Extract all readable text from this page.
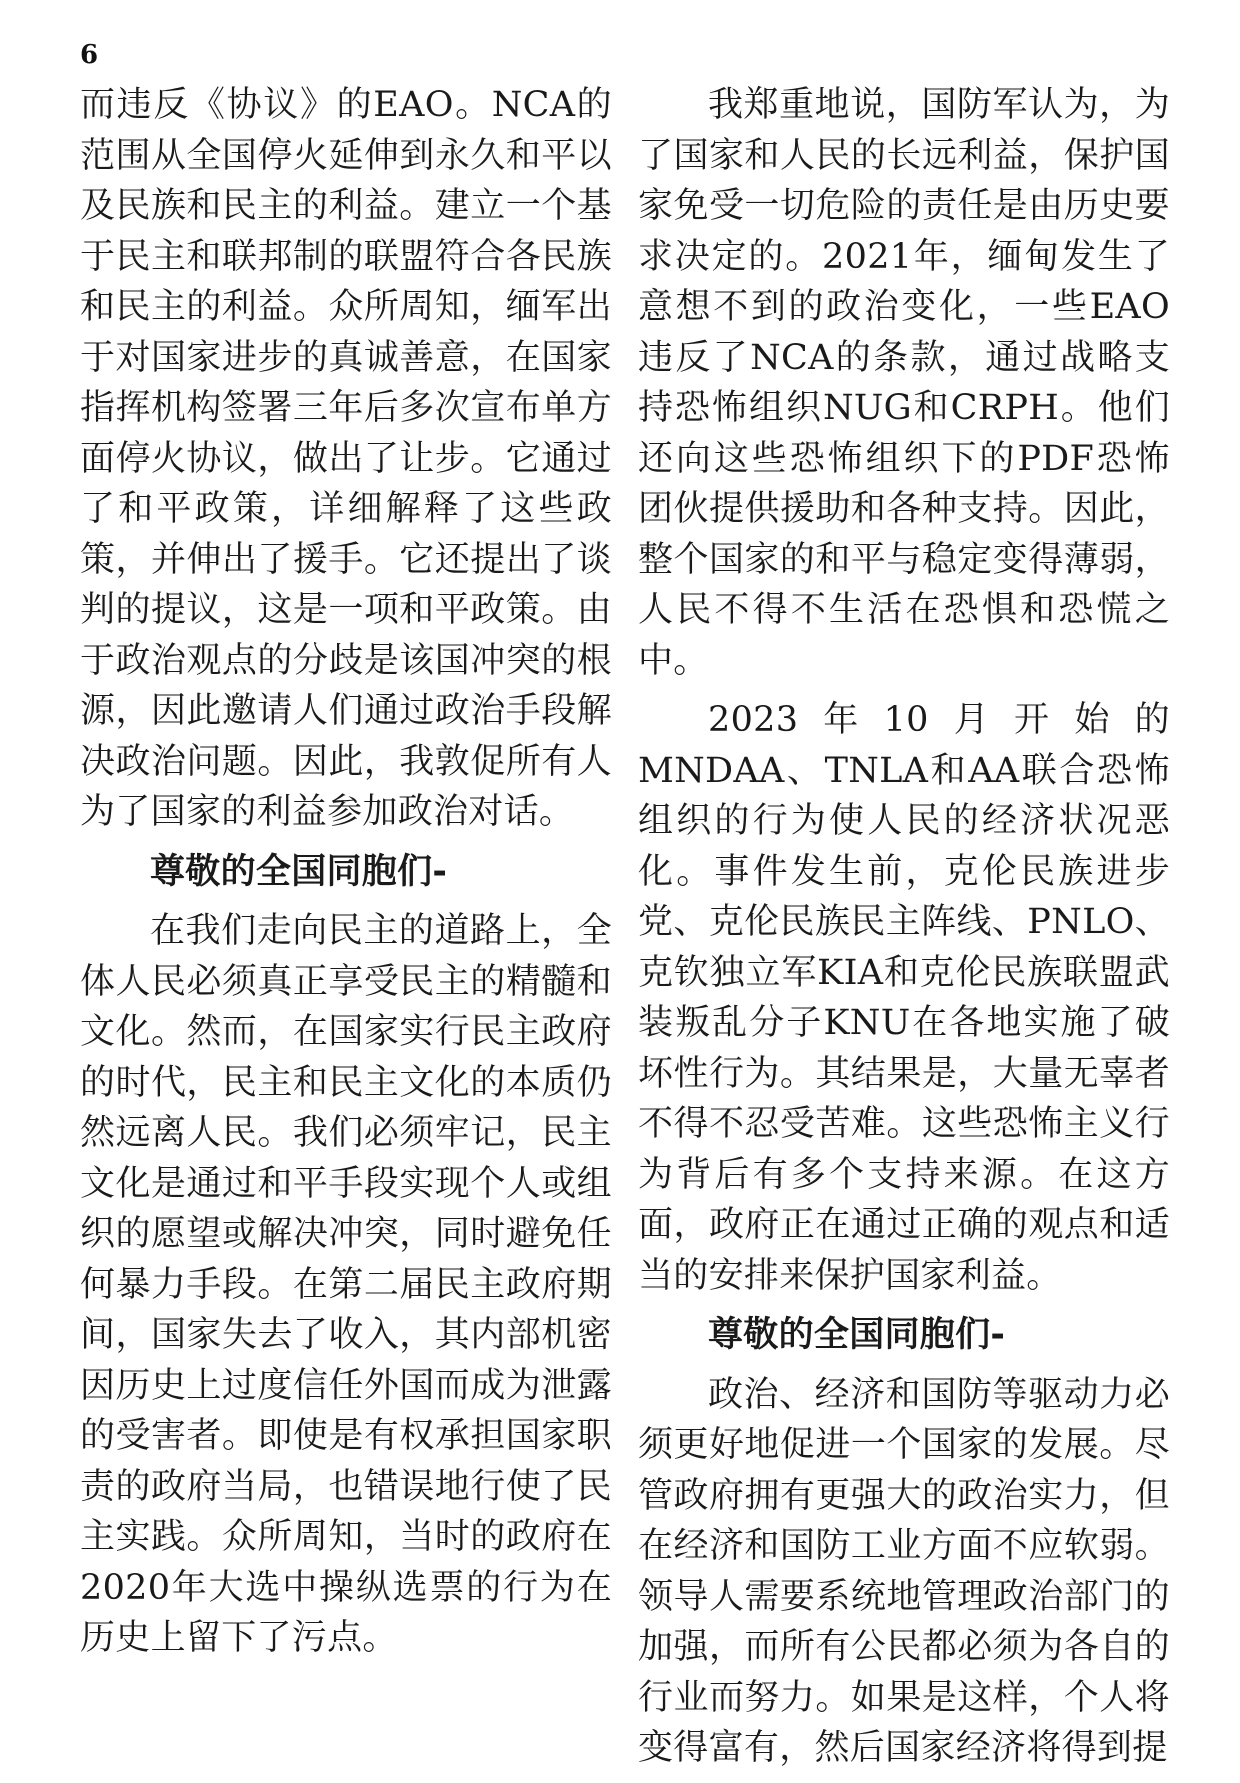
6

而违反《协议》的EAO。NCA的范围从全国停火延伸到永久和平以及民族和民主的利益。建立一个基于民主和联邦制的联盟符合各民族和民主的利益。众所周知，缅军出于对国家进步的真诚善意，在国家指挥机构签署三年后多次宣布单方面停火协议，做出了让步。它通过了和平政策，详细解释了这些政策，并伸出了援手。它还提出了谈判的提议，这是一项和平政策。由于政治观点的分歧是该国冲突的根源，因此邀请人们通过政治手段解决政治问题。因此，我敦促所有人为了国家的利益参加政治对话。

尊敬的全国同胞们-

在我们走向民主的道路上，全体人民必须真正享受民主的精髓和文化。然而，在国家实行民主政府的时代，民主和民主文化的本质仍然远离人民。我们必须牢记，民主文化是通过和平手段实现个人或组织的愿望或解决冲突，同时避免任何暴力手段。在第二届民主政府期间，国家失去了收入，其内部机密因历史上过度信任外国而成为泄露的受害者。即使是有权承担国家职责的政府当局，也错误地行使了民主实践。众所周知，当时的政府在2020年大选中操纵选票的行为在历史上留下了污点。

我郑重地说，国防军认为，为了国家和人民的长远利益，保护国家免受一切危险的责任是由历史要求决定的。2021年，缅甸发生了意想不到的政治变化，一些EAO违反了NCA的条款，通过战略支持恐怖组织NUG和CRPH。他们还向这些恐怖组织下的PDF恐怖团伙提供援助和各种支持。因此，整个国家的和平与稳定变得薄弱，人民不得不生活在恐惧和恐慌之中。

2023年10月开始的MNDAA、TNLA和AA联合恐怖组织的行为使人民的经济状况恶化。事件发生前，克伦民族进步党、克伦民族民主阵线、PNLO、克钦独立军KIA和克伦民族联盟武装叛乱分子KNU在各地实施了破坏性行为。其结果是，大量无辜者不得不忍受苦难。这些恐怖主义行为背后有多个支持来源。在这方面，政府正在通过正确的观点和适当的安排来保护国家利益。

尊敬的全国同胞们-

政治、经济和国防等驱动力必须更好地促进一个国家的发展。尽管政府拥有更强大的政治实力，但在经济和国防工业方面不应软弱。领导人需要系统地管理政治部门的加强，而所有公民都必须为各自的行业而努力。如果是这样，个人将变得富有，然后国家经济将得到提
